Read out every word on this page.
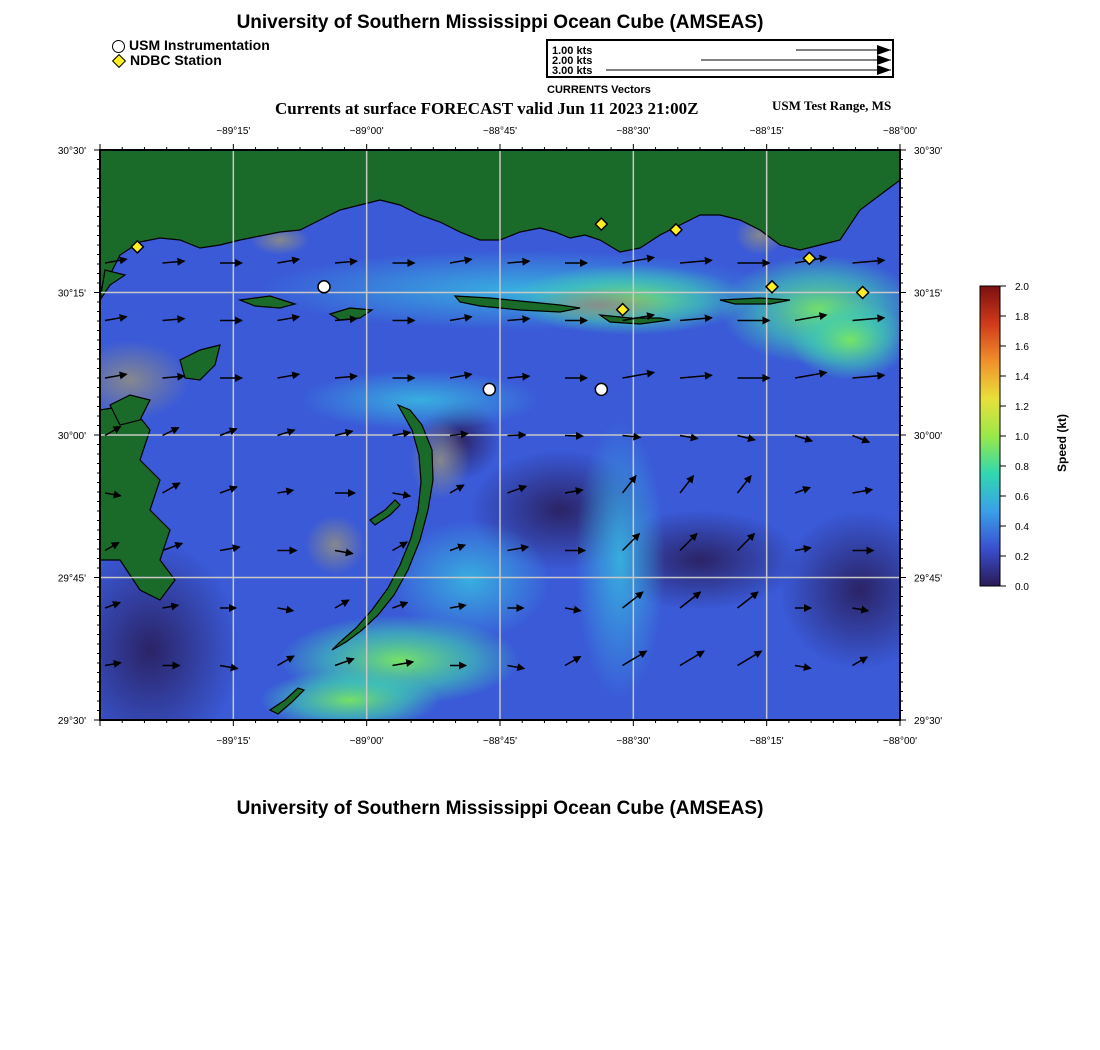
University of Southern Mississippi Ocean Cube (AMSEAS)
USM Instrumentation
NDBC Station
1.00 kts
2.00 kts
3.00 kts
CURRENTS Vectors
Currents at surface FORECAST valid Jun 11 2023 21:00Z	USM Test Range, MS
−89°15'
−89°15'
−89°00'
−89°00'
−88°45'
−88°45'
−88°30'
−88°30'
−88°15'
−88°15'
−88°00'
−88°00'
30°30'	30°30'
30°15'	30°15'
30°00'	30°00'
29°45'	29°45'
29°30'	29°30'
2.0
1.8
1.6
1.4
1.2
1.0
0.8
0.6
0.4
0.2
0.0
Speed (kt)
University of Southern Mississippi Ocean Cube (AMSEAS)
